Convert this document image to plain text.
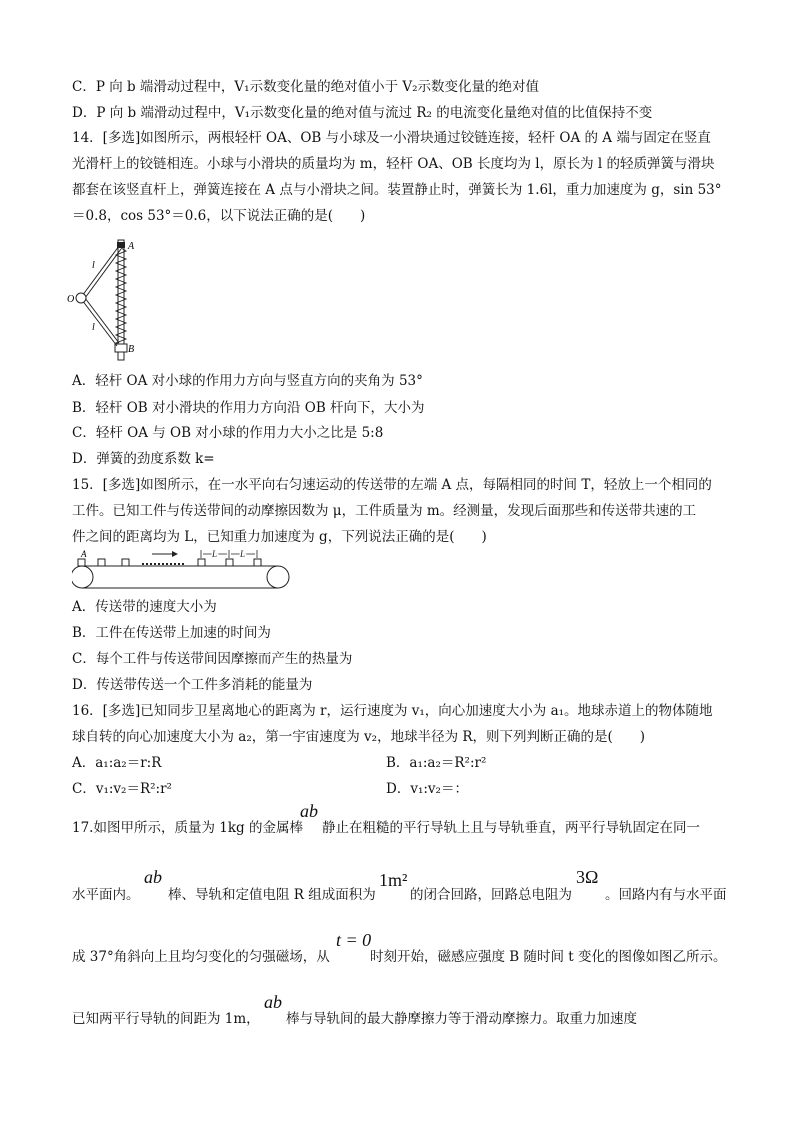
C．P 向 b 端滑动过程中，V₁示数变化量的绝对值小于 V₂示数变化量的绝对值
D．P 向 b 端滑动过程中，V₁示数变化量的绝对值与流过 R₂ 的电流变化量绝对值的比值保持不变
14．[多选]如图所示，两根轻杆 OA、OB 与小球及一小滑块通过铰链连接，轻杆 OA 的 A 端与固定在竖直
光滑杆上的铰链相连。小球与小滑块的质量均为 m，轻杆 OA、OB 长度均为 l，原长为 l 的轻质弹簧与滑块
都套在该竖直杆上，弹簧连接在 A 点与小滑块之间。装置静止时，弹簧长为 1.6l，重力加速度为 g，sin 53°
＝0.8，cos 53°＝0.6，以下说法正确的是(　　)
A
B
O
l
l
A．轻杆 OA 对小球的作用力方向与竖直方向的夹角为 53°
B．轻杆 OB 对小滑块的作用力方向沿 OB 杆向下，大小为
C．轻杆 OA 与 OB 对小球的作用力大小之比是 5:8
D．弹簧的劲度系数 k=
15．[多选]如图所示，在一水平向右匀速运动的传送带的左端 A 点，每隔相同的时间 T，轻放上一个相同的
工件。已知工件与传送带间的动摩擦因数为 μ，工件质量为 m。经测量，发现后面那些和传送带共速的工
件之间的距离均为 L，已知重力加速度为 g，下列说法正确的是(　　)
A	L	L
A．传送带的速度大小为
B．工件在传送带上加速的时间为
C．每个工件与传送带间因摩擦而产生的热量为
D．传送带传送一个工件多消耗的能量为
16．[多选]已知同步卫星离地心的距离为 r，运行速度为 v₁，向心加速度大小为 a₁。地球赤道上的物体随地
球自转的向心加速度大小为 a₂，第一宇宙速度为 v₂，地球半径为 R，则下列判断正确的是(　　)
A．a₁:a₂＝r:R	B．a₁:a₂＝R²:r²
C．v₁:v₂＝R²:r²	D．v₁:v₂＝：
17.如图甲所示，质量为 1kg 的金属棒
ab
静止在粗糙的平行导轨上且与导轨垂直，两平行导轨固定在同一
水平面内。
ab
棒、导轨和定值电阻 R 组成面积为
1m²
的闭合回路，回路总电阻为
3Ω
。回路内有与水平面
成 37°角斜向上且均匀变化的匀强磁场，从
t = 0
时刻开始，磁感应强度 B 随时间 t 变化的图像如图乙所示。
已知两平行导轨的间距为 1m，
ab
棒与导轨间的最大静摩擦力等于滑动摩擦力。取重力加速度
